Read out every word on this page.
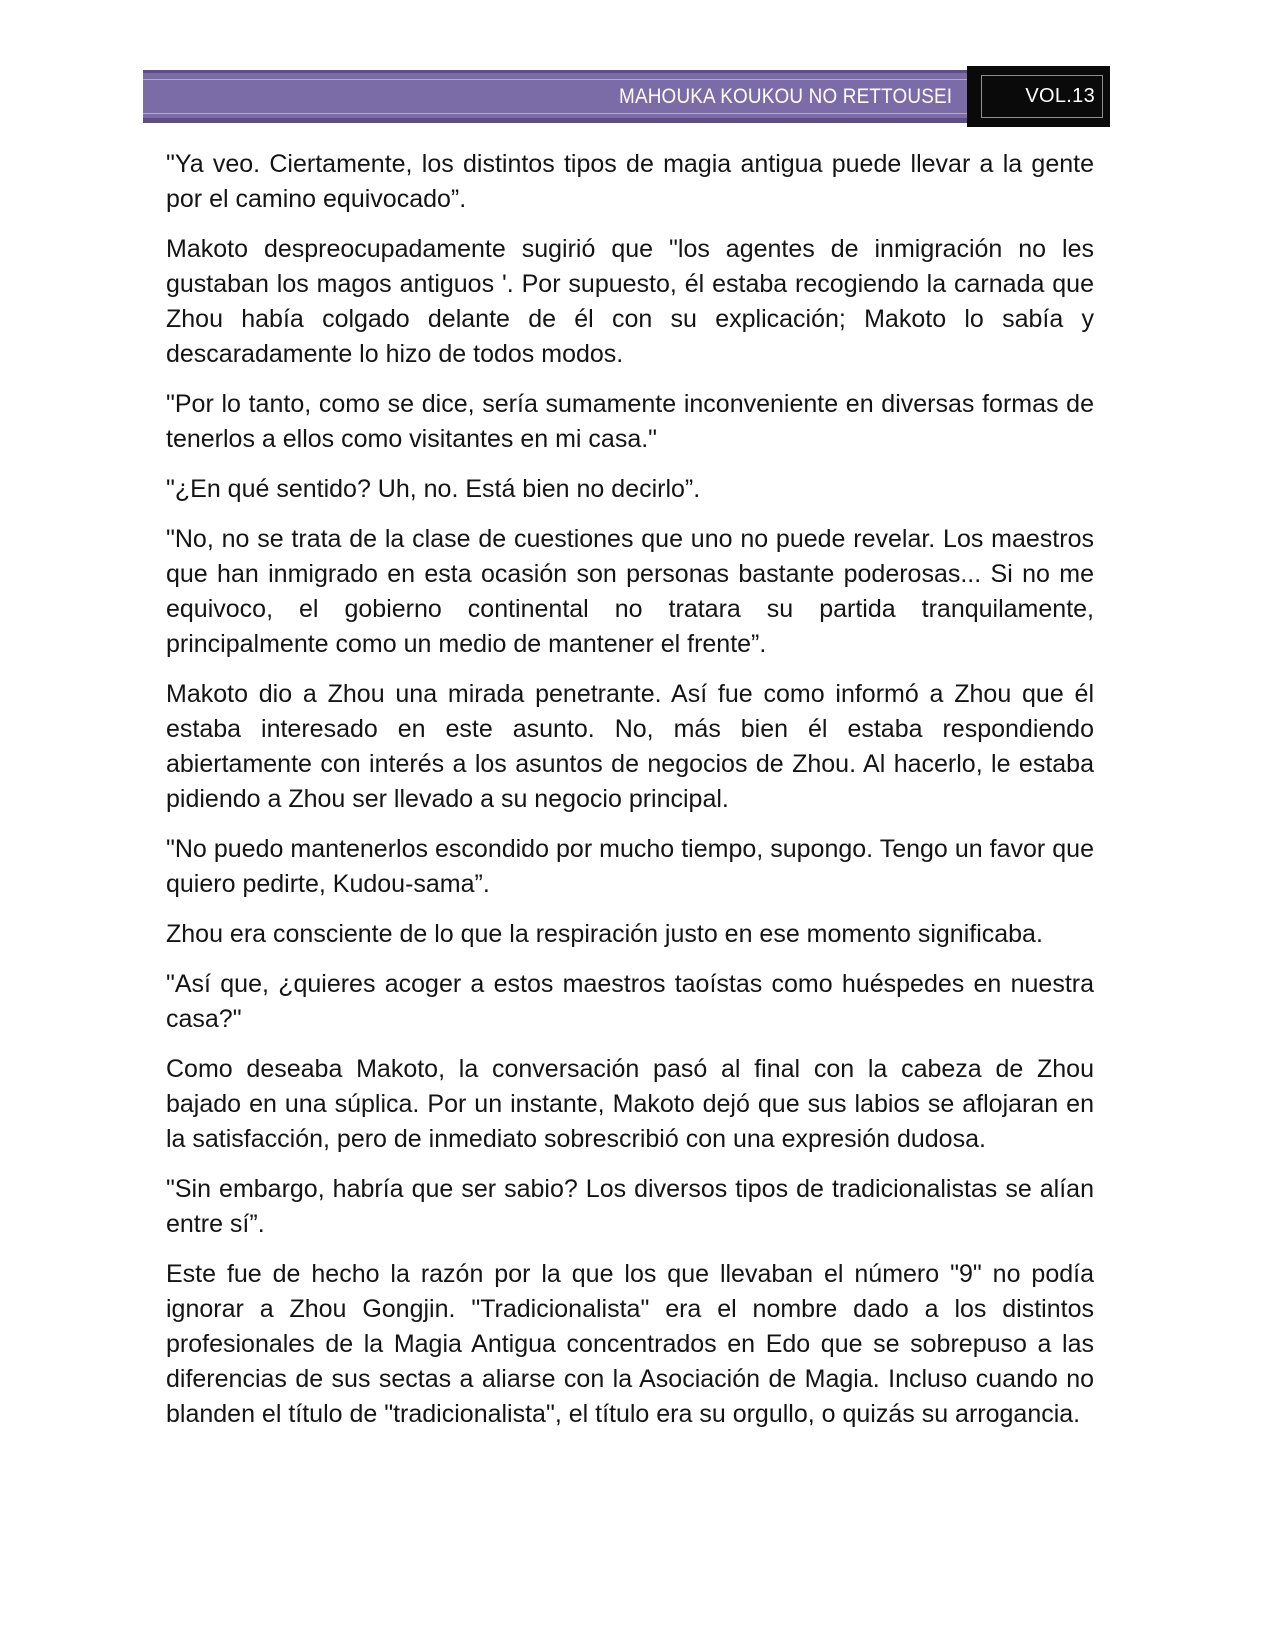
MAHOUKA KOUKOU NO RETTOUSEI	VOL.13

"Ya veo. Ciertamente, los distintos tipos de magia antigua puede llevar a la gente por el camino equivocado”.

Makoto despreocupadamente sugirió que "los agentes de inmigración no les gustaban los magos antiguos '. Por supuesto, él estaba recogiendo la carnada que Zhou había colgado delante de él con su explicación; Makoto lo sabía y descaradamente lo hizo de todos modos.

"Por lo tanto, como se dice, sería sumamente inconveniente en diversas formas de tenerlos a ellos como visitantes en mi casa."

"¿En qué sentido? Uh, no. Está bien no decirlo”.

"No, no se trata de la clase de cuestiones que uno no puede revelar. Los maestros que han inmigrado en esta ocasión son personas bastante poderosas... Si no me equivoco, el gobierno continental no tratara su partida tranquilamente, principalmente como un medio de mantener el frente”.

Makoto dio a Zhou una mirada penetrante. Así fue como informó a Zhou que él estaba interesado en este asunto. No, más bien él estaba respondiendo abiertamente con interés a los asuntos de negocios de Zhou. Al hacerlo, le estaba pidiendo a Zhou ser llevado a su negocio principal.

"No puedo mantenerlos escondido por mucho tiempo, supongo. Tengo un favor que quiero pedirte, Kudou-sama”.

Zhou era consciente de lo que la respiración justo en ese momento significaba.

"Así que, ¿quieres acoger a estos maestros taoístas como huéspedes en nuestra casa?"

Como deseaba Makoto, la conversación pasó al final con la cabeza de Zhou bajado en una súplica. Por un instante, Makoto dejó que sus labios se aflojaran en la satisfacción, pero de inmediato sobrescribió con una expresión dudosa.

"Sin embargo, habría que ser sabio? Los diversos tipos de tradicionalistas se alían entre sí”.

Este fue de hecho la razón por la que los que llevaban el número "9" no podía ignorar a Zhou Gongjin. "Tradicionalista" era el nombre dado a los distintos profesionales de la Magia Antigua concentrados en Edo que se sobrepuso a las diferencias de sus sectas a aliarse con la Asociación de Magia. Incluso cuando no blanden el título de "tradicionalista", el título era su orgullo, o quizás su arrogancia.
